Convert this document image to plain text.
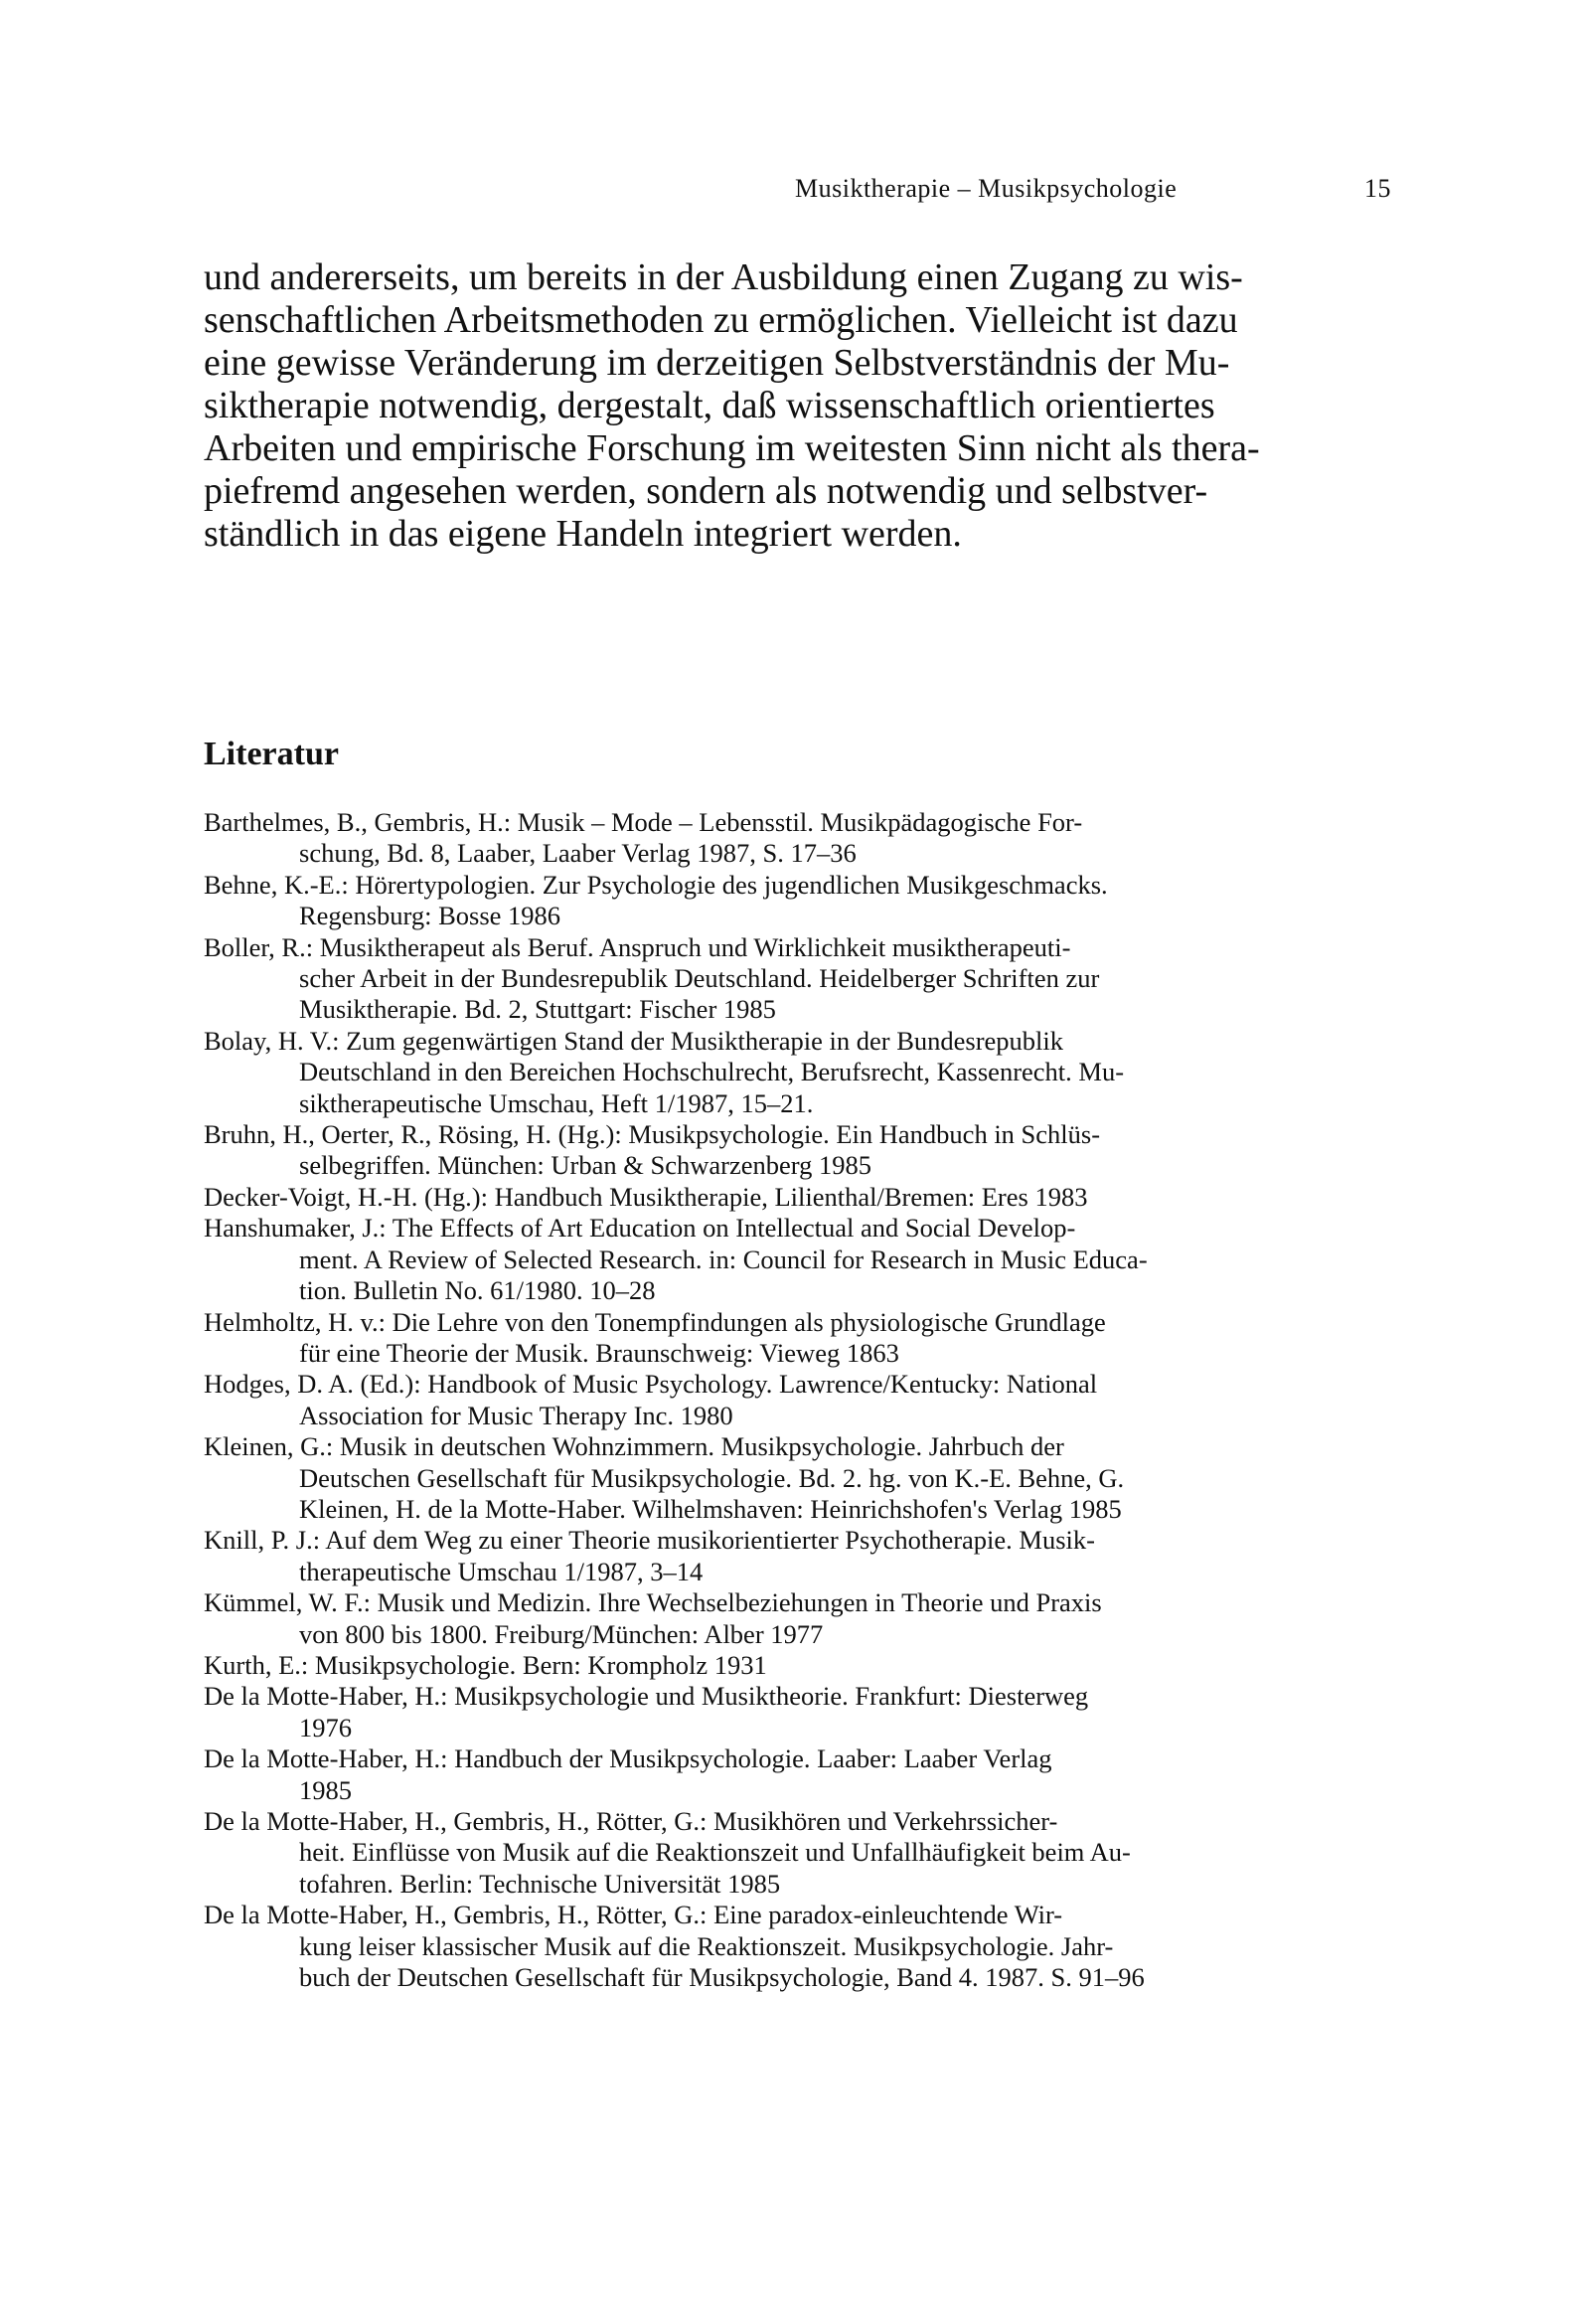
Musiktherapie – Musikpsychologie	15
und andererseits, um bereits in der Ausbildung einen Zugang zu wis-
senschaftlichen Arbeitsmethoden zu ermöglichen. Vielleicht ist dazu
eine gewisse Veränderung im derzeitigen Selbstverständnis der Mu-
siktherapie notwendig, dergestalt, daß wissenschaftlich orientiertes
Arbeiten und empirische Forschung im weitesten Sinn nicht als thera-
piefremd angesehen werden, sondern als notwendig und selbstver-
ständlich in das eigene Handeln integriert werden.
Literatur
Barthelmes, B., Gembris, H.: Musik – Mode – Lebensstil. Musikpädagogische For-
schung, Bd. 8, Laaber, Laaber Verlag 1987, S. 17–36
Behne, K.-E.: Hörertypologien. Zur Psychologie des jugendlichen Musikgeschmacks.
Regensburg: Bosse 1986
Boller, R.: Musiktherapeut als Beruf. Anspruch und Wirklichkeit musiktherapeuti-
scher Arbeit in der Bundesrepublik Deutschland. Heidelberger Schriften zur
Musiktherapie. Bd. 2, Stuttgart: Fischer 1985
Bolay, H. V.: Zum gegenwärtigen Stand der Musiktherapie in der Bundesrepublik
Deutschland in den Bereichen Hochschulrecht, Berufsrecht, Kassenrecht. Mu-
siktherapeutische Umschau, Heft 1/1987, 15–21.
Bruhn, H., Oerter, R., Rösing, H. (Hg.): Musikpsychologie. Ein Handbuch in Schlüs-
selbegriffen. München: Urban & Schwarzenberg 1985
Decker-Voigt, H.-H. (Hg.): Handbuch Musiktherapie, Lilienthal/Bremen: Eres 1983
Hanshumaker, J.: The Effects of Art Education on Intellectual and Social Develop-
ment. A Review of Selected Research. in: Council for Research in Music Educa-
tion. Bulletin No. 61/1980. 10–28
Helmholtz, H. v.: Die Lehre von den Tonempfindungen als physiologische Grundlage
für eine Theorie der Musik. Braunschweig: Vieweg 1863
Hodges, D. A. (Ed.): Handbook of Music Psychology. Lawrence/Kentucky: National
Association for Music Therapy Inc. 1980
Kleinen, G.: Musik in deutschen Wohnzimmern. Musikpsychologie. Jahrbuch der
Deutschen Gesellschaft für Musikpsychologie. Bd. 2. hg. von K.-E. Behne, G.
Kleinen, H. de la Motte-Haber. Wilhelmshaven: Heinrichshofen's Verlag 1985
Knill, P. J.: Auf dem Weg zu einer Theorie musikorientierter Psychotherapie. Musik-
therapeutische Umschau 1/1987, 3–14
Kümmel, W. F.: Musik und Medizin. Ihre Wechselbeziehungen in Theorie und Praxis
von 800 bis 1800. Freiburg/München: Alber 1977
Kurth, E.: Musikpsychologie. Bern: Krompholz 1931
De la Motte-Haber, H.: Musikpsychologie und Musiktheorie. Frankfurt: Diesterweg
1976
De la Motte-Haber, H.: Handbuch der Musikpsychologie. Laaber: Laaber Verlag
1985
De la Motte-Haber, H., Gembris, H., Rötter, G.: Musikhören und Verkehrssicher-
heit. Einflüsse von Musik auf die Reaktionszeit und Unfallhäufigkeit beim Au-
tofahren. Berlin: Technische Universität 1985
De la Motte-Haber, H., Gembris, H., Rötter, G.: Eine paradox-einleuchtende Wir-
kung leiser klassischer Musik auf die Reaktionszeit. Musikpsychologie. Jahr-
buch der Deutschen Gesellschaft für Musikpsychologie, Band 4. 1987. S. 91–96
